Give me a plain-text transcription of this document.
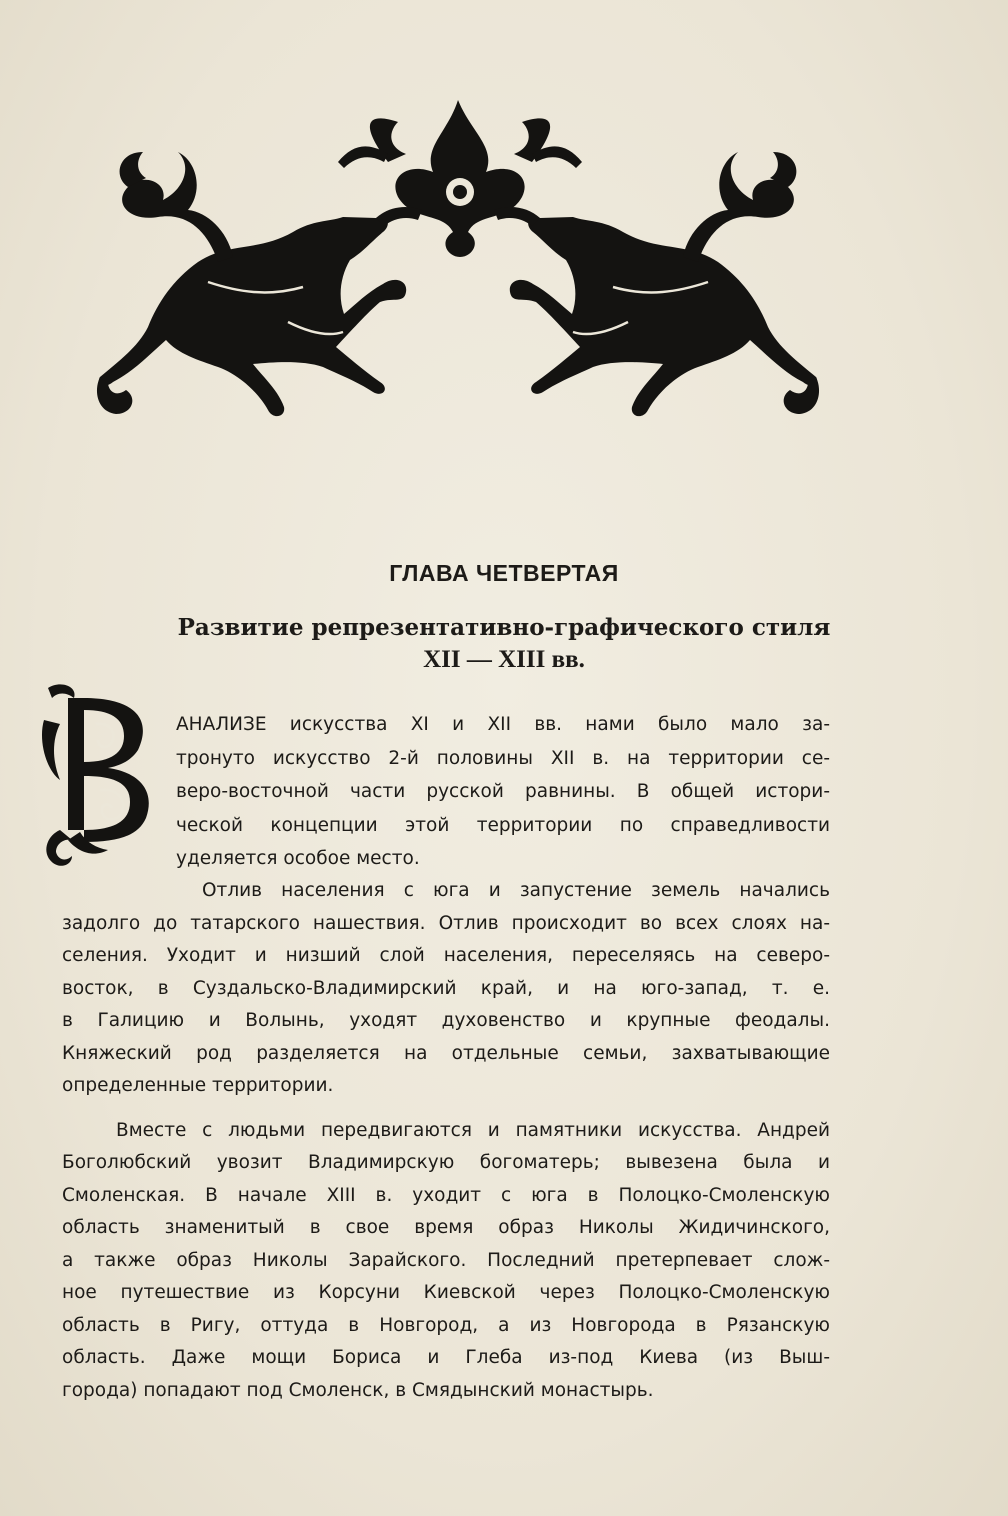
ГЛАВА ЧЕТВЕРТАЯ
Развитие репрезентативно-графического стиля
XII — XIII вв.
АНАЛИЗЕ искусства XI и XII вв. нами было мало за-
тронуто искусство 2-й половины XII в. на территории се-
веро-восточной части русской равнины. В общей истори-
ческой концепции этой территории по справедливости
уделяется особое место.
Отлив населения с юга и запустение земель начались
задолго до татарского нашествия. Отлив происходит во всех слоях на-
селения. Уходит и низший слой населения, переселяясь на северо-
восток, в Суздальско-Владимирский край, и на юго-запад, т. е.
в Галицию и Волынь, уходят духовенство и крупные феодалы.
Княжеский род разделяется на отдельные семьи, захватывающие
определенные территории.
Вместе с людьми передвигаются и памятники искусства. Андрей
Боголюбский увозит Владимирскую богоматерь; вывезена была и
Смоленская. В начале XIII в. уходит с юга в Полоцко-Смоленскую
область знаменитый в свое время образ Николы Жидичинского,
а также образ Николы Зарайского. Последний претерпевает слож-
ное путешествие из Корсуни Киевской через Полоцко-Смоленскую
область в Ригу, оттуда в Новгород, а из Новгорода в Рязанскую
область. Даже мощи Бориса и Глеба из-под Киева (из Выш-
города) попадают под Смоленск, в Смядынский монастырь.
